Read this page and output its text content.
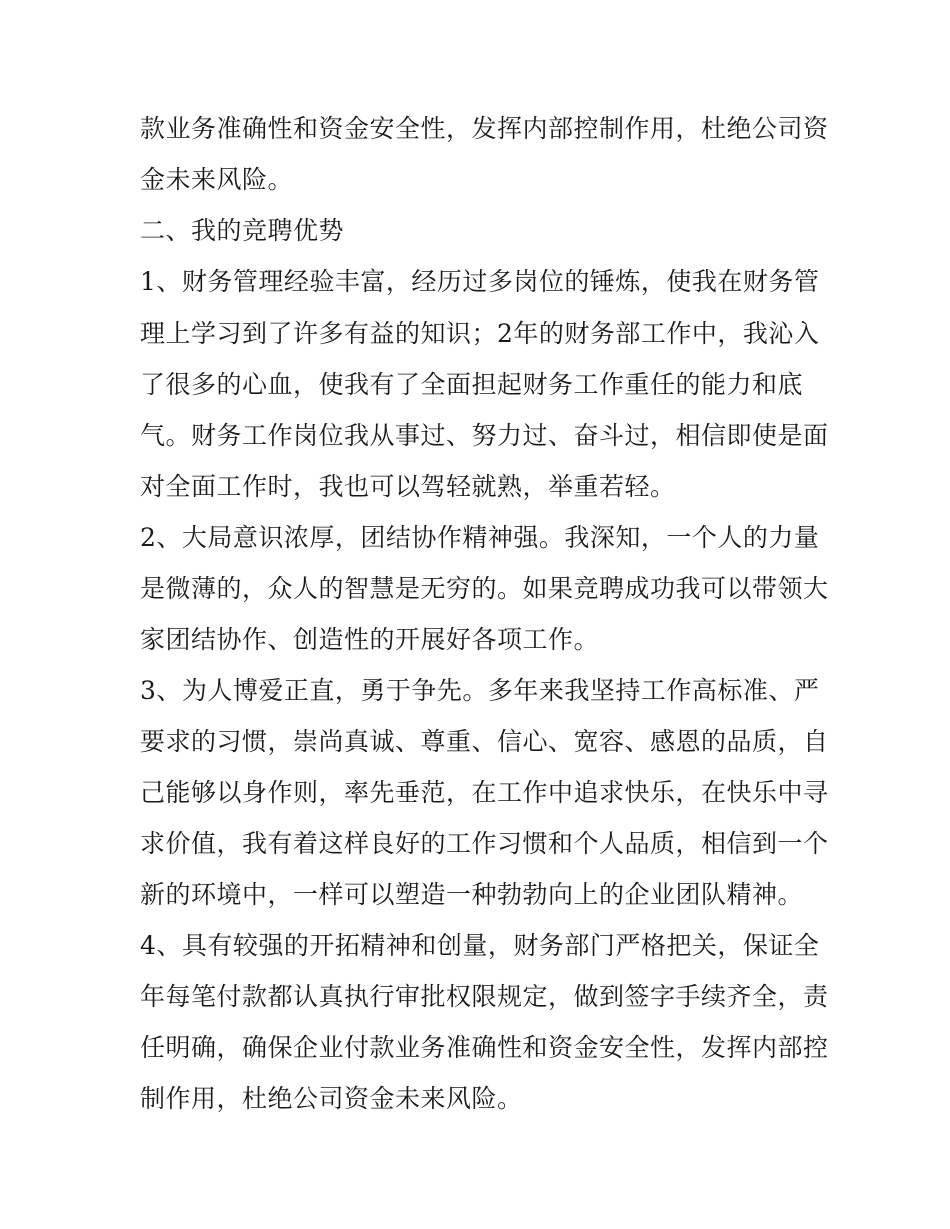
款业务准确性和资金安全性，发挥内部控制作用，杜绝公司资
金未来风险。
二、我的竞聘优势
1、财务管理经验丰富，经历过多岗位的锤炼，使我在财务管
理上学习到了许多有益的知识；2年的财务部工作中，我沁入
了很多的心血，使我有了全面担起财务工作重任的能力和底
气。财务工作岗位我从事过、努力过、奋斗过，相信即使是面
对全面工作时，我也可以驾轻就熟，举重若轻。
2、大局意识浓厚，团结协作精神强。我深知，一个人的力量
是微薄的，众人的智慧是无穷的。如果竞聘成功我可以带领大
家团结协作、创造性的开展好各项工作。
3、为人博爱正直，勇于争先。多年来我坚持工作高标准、严
要求的习惯，崇尚真诚、尊重、信心、宽容、感恩的品质，自
己能够以身作则，率先垂范，在工作中追求快乐，在快乐中寻
求价值，我有着这样良好的工作习惯和个人品质，相信到一个
新的环境中，一样可以塑造一种勃勃向上的企业团队精神。
4、具有较强的开拓精神和创量，财务部门严格把关，保证全
年每笔付款都认真执行审批权限规定，做到签字手续齐全，责
任明确，确保企业付款业务准确性和资金安全性，发挥内部控
制作用，杜绝公司资金未来风险。
